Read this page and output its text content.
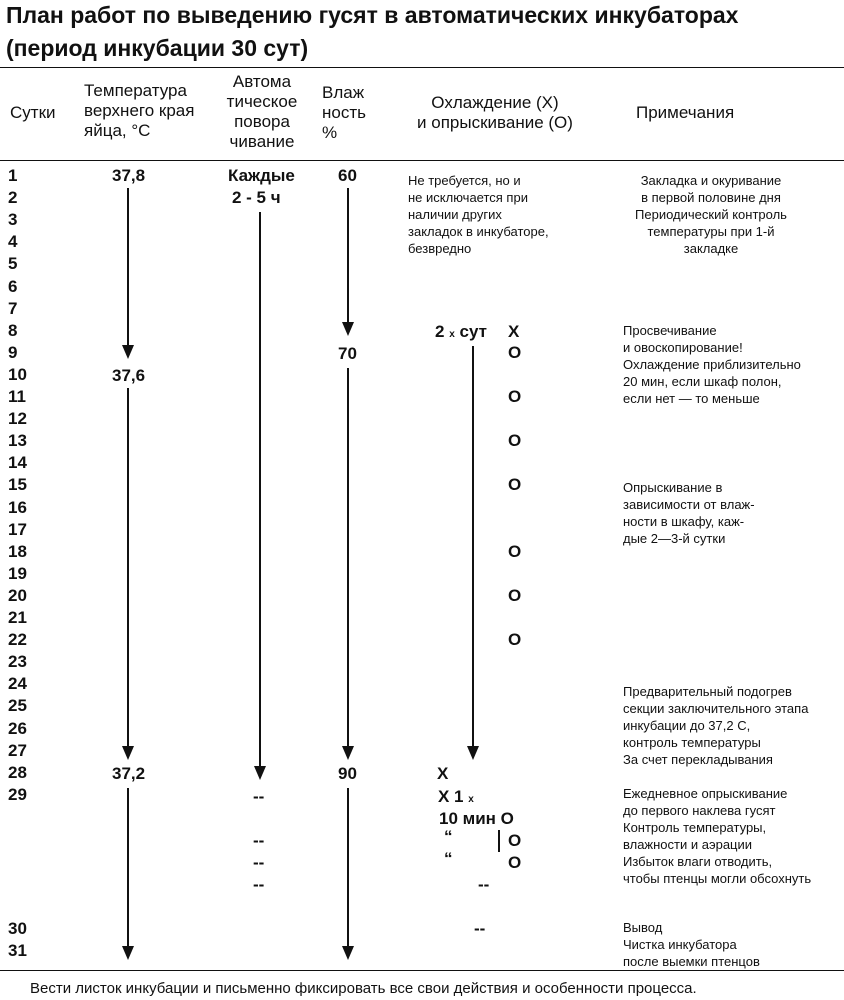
План работ по выведению гусят в автоматических инкубаторах
(период инкубации 30 сут)
Сутки
Температура
верхнего края
яйца, °С
Автома
тическое
повора
чивание
Влаж
ность
%
Охлаждение (Х)
и опрыскивание (О)
Примечания
1
2
3
4
5
6
7
8
9
10
11
12
13
14
15
16
17
18
19
20
21
22
23
24
25
26
27
28
29
30
31
37,8
37,6
37,2
Каждые
2 - 5 ч
--
--
--
--
60
70
90
Не требуется, но и
не исключается при
наличии других
закладок в инкубаторе,
безвредно
2 х сут Х
О
О
О
О
О
О
О
Х
Х 1 х
10 мин О
“
“
О
О
--
--
Закладка и окуривание
в первой половине дня
Периодический контроль
температуры при 1-й
закладке
Просвечивание
и овоскопирование!
Охлаждение приблизительно
20 мин, если шкаф полон,
если нет — то меньше
Опрыскивание в
зависимости от влаж-
ности в шкафу, каж-
дые 2—3-й сутки
Предварительный подогрев
секции заключительного этапа
инкубации до 37,2 С,
контроль температуры
За счет перекладывания
Ежедневное опрыскивание
до первого наклева гусят
Контроль температуры,
влажности и аэрации
Избыток влаги отводить,
чтобы птенцы могли обсохнуть
Вывод
Чистка инкубатора
после выемки птенцов
Вести листок инкубации и письменно фиксировать все свои действия и особенности процесса.
